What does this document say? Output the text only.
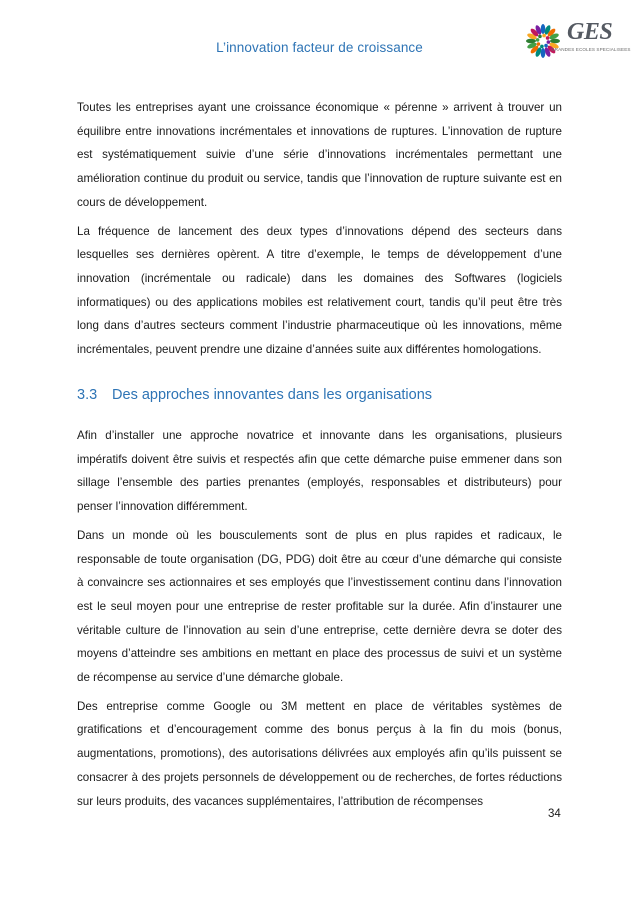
L’innovation facteur de croissance
GES
GRANDES ECOLES SPECIALISEES

Toutes les entreprises ayant une croissance économique « pérenne » arrivent à trouver un équilibre entre innovations incrémentales et innovations de ruptures. L’innovation de rupture est systématiquement suivie d’une série d’innovations incrémentales permettant une amélioration continue du produit ou service, tandis que l’innovation de rupture suivante est en cours de développement.

La fréquence de lancement des deux types d’innovations dépend des secteurs dans lesquelles ses dernières opèrent. A titre d’exemple, le temps de développement d’une innovation (incrémentale ou radicale) dans les domaines des Softwares (logiciels informatiques) ou des applications mobiles est relativement court, tandis qu’il peut être très long dans d’autres secteurs comment l’industrie pharmaceutique où les innovations, même incrémentales, peuvent prendre une dizaine d’années suite aux différentes homologations.

3.3 Des approches innovantes dans les organisations

Afin d’installer une approche novatrice et innovante dans les organisations, plusieurs impératifs doivent être suivis et respectés afin que cette démarche puise emmener dans son sillage l’ensemble des parties prenantes (employés, responsables et distributeurs) pour penser l’innovation différemment.

Dans un monde où les bousculements sont de plus en plus rapides et radicaux, le responsable de toute organisation (DG, PDG) doit être au cœur d’une démarche qui consiste à convaincre ses actionnaires et ses employés que l’investissement continu dans l’innovation est le seul moyen pour une entreprise de rester profitable sur la durée. Afin d’instaurer une véritable culture de l’innovation au sein d’une entreprise, cette dernière devra se doter des moyens d’atteindre ses ambitions en mettant en place des processus de suivi et un système de récompense au service d’une démarche globale.

Des entreprise comme Google ou 3M mettent en place de véritables systèmes de gratifications et d’encouragement comme des bonus perçus à la fin du mois (bonus, augmentations, promotions), des autorisations délivrées aux employés afin qu’ils puissent se consacrer à des projets personnels de développement ou de recherches, de fortes réductions sur leurs produits, des vacances supplémentaires, l’attribution de récompenses

34
